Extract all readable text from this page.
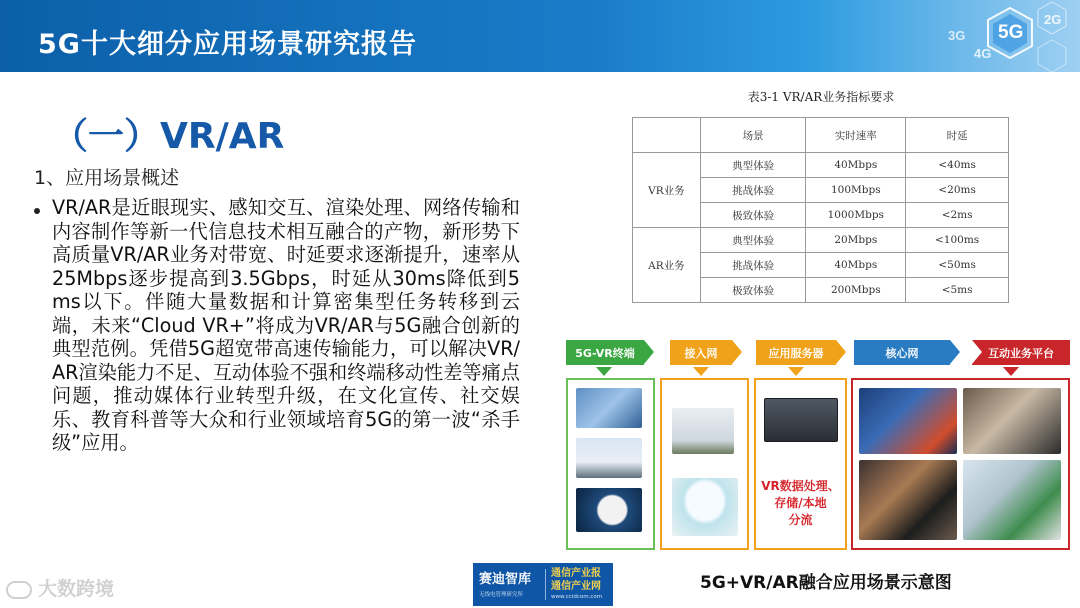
5G十大细分应用场景研究报告	3G
2G
5G
4G
（一）VR/AR
1、应用场景概述
VR/AR是近眼现实、感知交互、渲染处理、网络传输和内容制作等新一代信息技术相互融合的产物，新形势下高质量VR/AR业务对带宽、时延要求逐渐提升，速率从25Mbps逐步提高到3.5Gbps，时延从30ms降低到5ms以下。伴随大量数据和计算密集型任务转移到云端，未来“Cloud VR+”将成为VR/AR与5G融合创新的典型范例。凭借5G超宽带高速传输能力，可以解决VR/AR渲染能力不足、互动体验不强和终端移动性差等痛点问题，推动媒体行业转型升级，在文化宣传、社交娱乐、教育科普等大众和行业领域培育5G的第一波“杀手级”应用。
表3-1 VR/AR业务指标要求
	场景	实时速率	时延
VR业务	典型体验	40Mbps	<40ms
	挑战体验	100Mbps	<20ms
	极致体验	1000Mbps	<2ms
AR业务	典型体验	20Mbps	<100ms
	挑战体验	40Mbps	<50ms
	极致体验	200Mbps	<5ms
5G-VR终端	接入网	应用服务器	核心网	互动业务平台
VR数据处理、
存储/本地
分流
5G+VR/AR融合应用场景示意图
大数跨境	赛迪智库
无线电管理研究所
通信产业报
通信产业网
www.ccidcom.com
